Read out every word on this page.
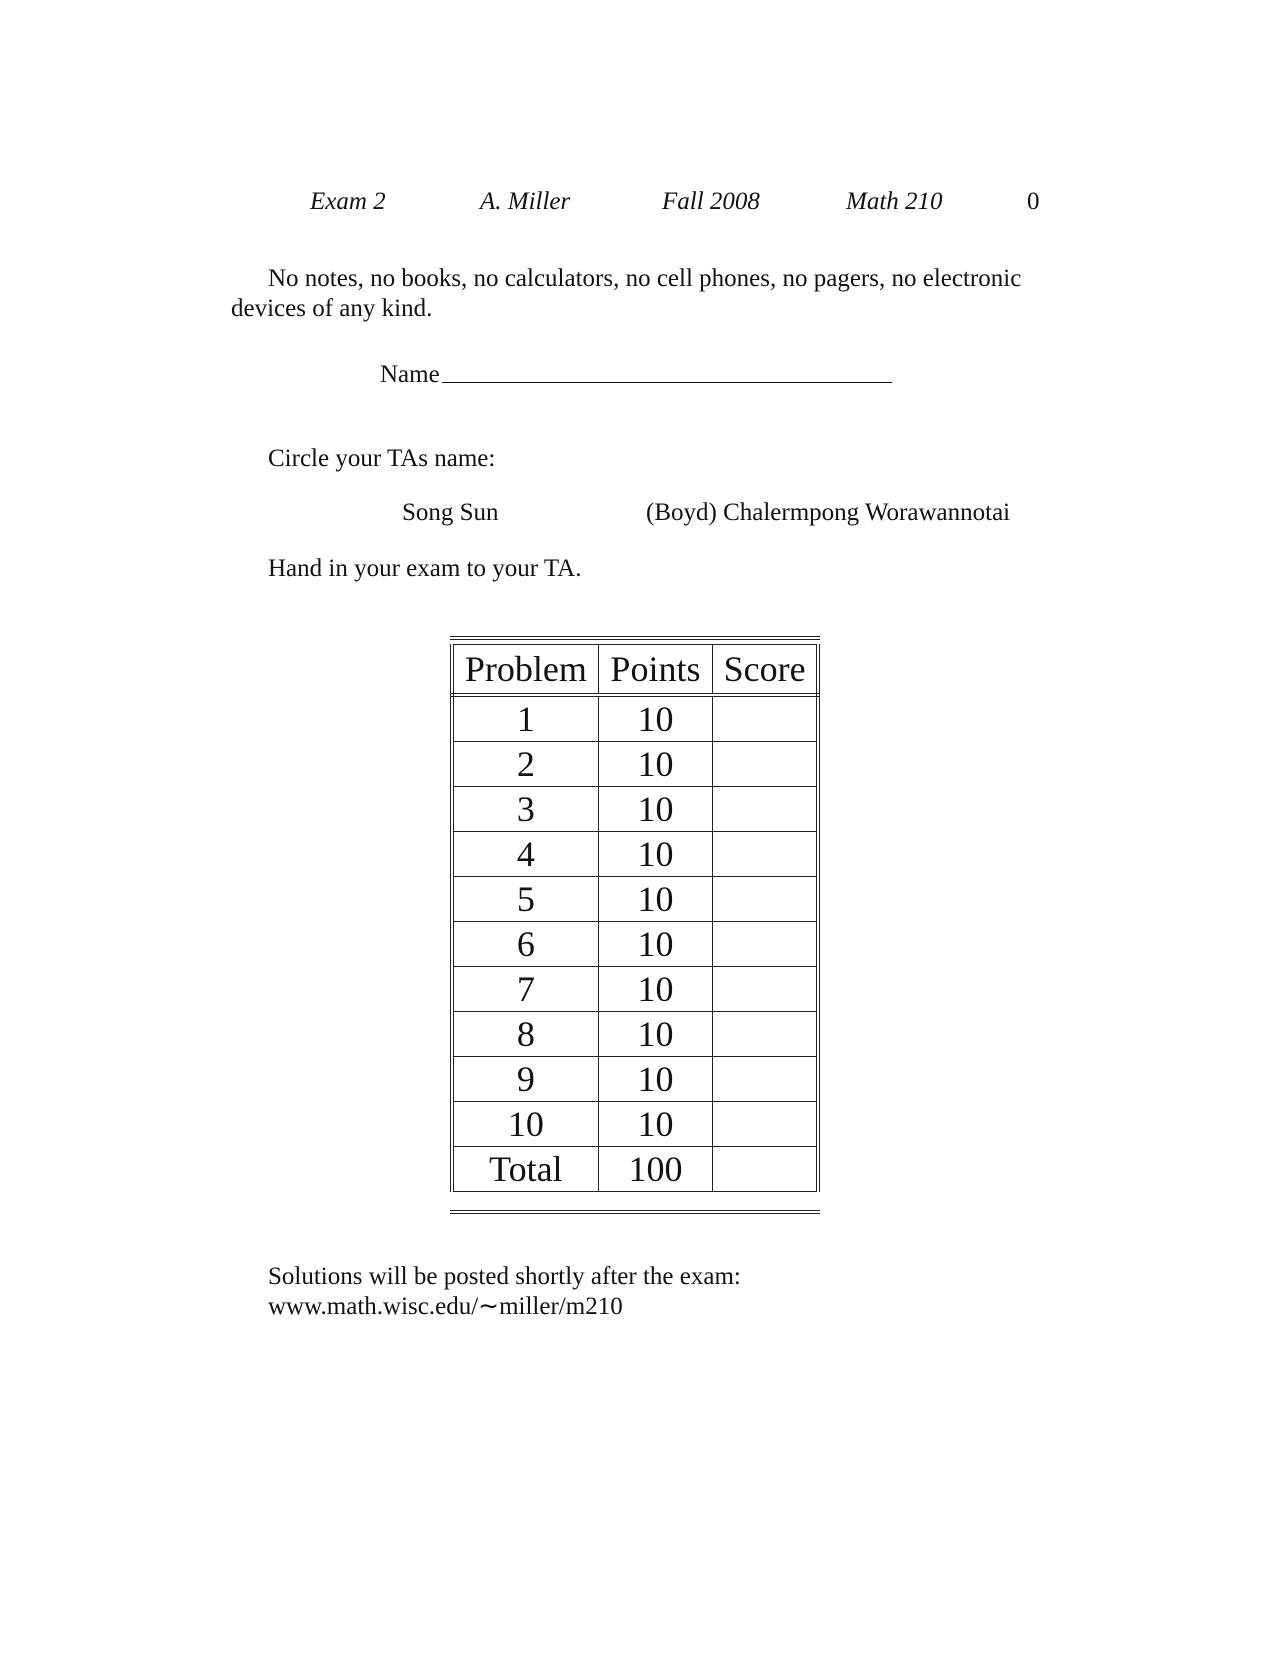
Exam 2	A. Miller	Fall 2008	Math 210	0
No notes, no books, no calculators, no cell phones, no pagers, no electronic
devices of any kind.
Name
Circle your TAs name:
Song Sun	(Boyd) Chalermpong Worawannotai
Hand in your exam to your TA.
Problem	Points	Score
1	10	
2	10	
3	10	
4	10	
5	10	
6	10	
7	10	
8	10	
9	10	
10	10	
Total	100	
Solutions will be posted shortly after the exam:
www.math.wisc.edu/∼miller/m210
